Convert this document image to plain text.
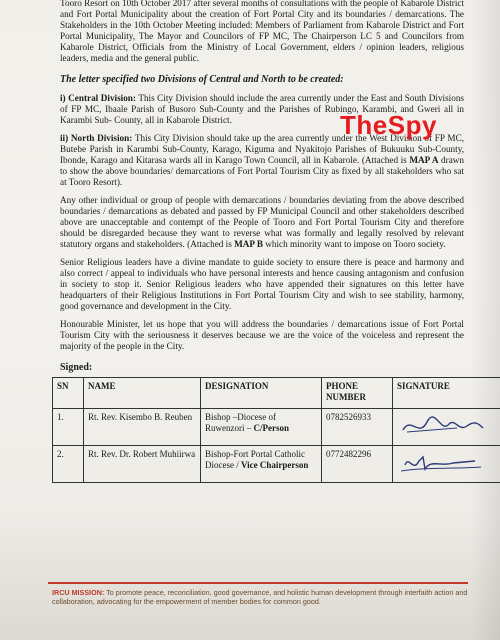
Tooro Resort on 10th October 2017 after several months of consultations with the people of Kabarole District and Fort Portal Municipality about the creation of Fort Portal City and its boundaries / demarcations. The Stakeholders in the 10th October Meeting included: Members of Parliament from Kabarole District and Fort Portal Municipality, The Mayor and Councilors of FP MC, The Chairperson LC 5 and Councilors from Kabarole District, Officials from the Ministry of Local Government, elders / opinion leaders, religious leaders, media and the general public.

The letter specified two Divisions of Central and North to be created:

i) Central Division: This City Division should include the area currently under the East and South Divisions of FP MC, Ibaale Parish of Busoro Sub-County and the Parishes of Rubingo, Karambi, and Gweri all in Karambi Sub- County, all in Kabarole District.

ii) North Division: This City Division should take up the area currently under the West Division of FP MC, Butebe Parish in Karambi Sub-County, Karago, Kiguma and Nyakitojo Parishes of Bukuuku Sub-County, Ibonde, Karago and Kitarasa wards all in Karago Town Council, all in Kabarole. (Attached is MAP A drawn to show the above boundaries/ demarcations of Fort Portal Tourism City as fixed by all stakeholders who sat at Tooro Resort).

Any other individual or group of people with demarcations / boundaries deviating from the above described boundaries / demarcations as debated and passed by FP Municipal Council and other stakeholders described above are unacceptable and contempt of the People of Tooro and Fort Portal Tourism City and therefore should be disregarded because they want to reverse what was formally and legally resolved by relevant statutory organs and stakeholders. (Attached is MAP B which minority want to impose on Tooro society.

Senior Religious leaders have a divine mandate to guide society to ensure there is peace and harmony and also correct / appeal to individuals who have personal interests and hence causing antagonism and confusion in society to stop it. Senior Religious leaders who have appended their signatures on this letter have headquarters of their Religious Institutions in Fort Portal Tourism City and wish to see stability, harmony, good governance and development in the City.

Honourable Minister, let us hope that you will address the boundaries / demarcations issue of Fort Portal Tourism City with the seriousness it deserves because we are the voice of the voiceless and represent the majority of the people in the City.

Signed:
SN	NAME	DESIGNATION	PHONE NUMBER	SIGNATURE
1.	Rt. Rev. Kisembo B. Reuben	Bishop –Diocese of Ruwenzori – C/Person	0782526933	

2.	Rt. Rev. Dr. Robert Muhiirwa	Bishop-Fort Portal Catholic Diocese / Vice Chairperson	0772482296	
TheSpy
IRCU MISSION: To promote peace, reconciliation, good governance, and holistic human development through interfaith action and collaboration, advocating for the empowerment of member bodies for common good.
